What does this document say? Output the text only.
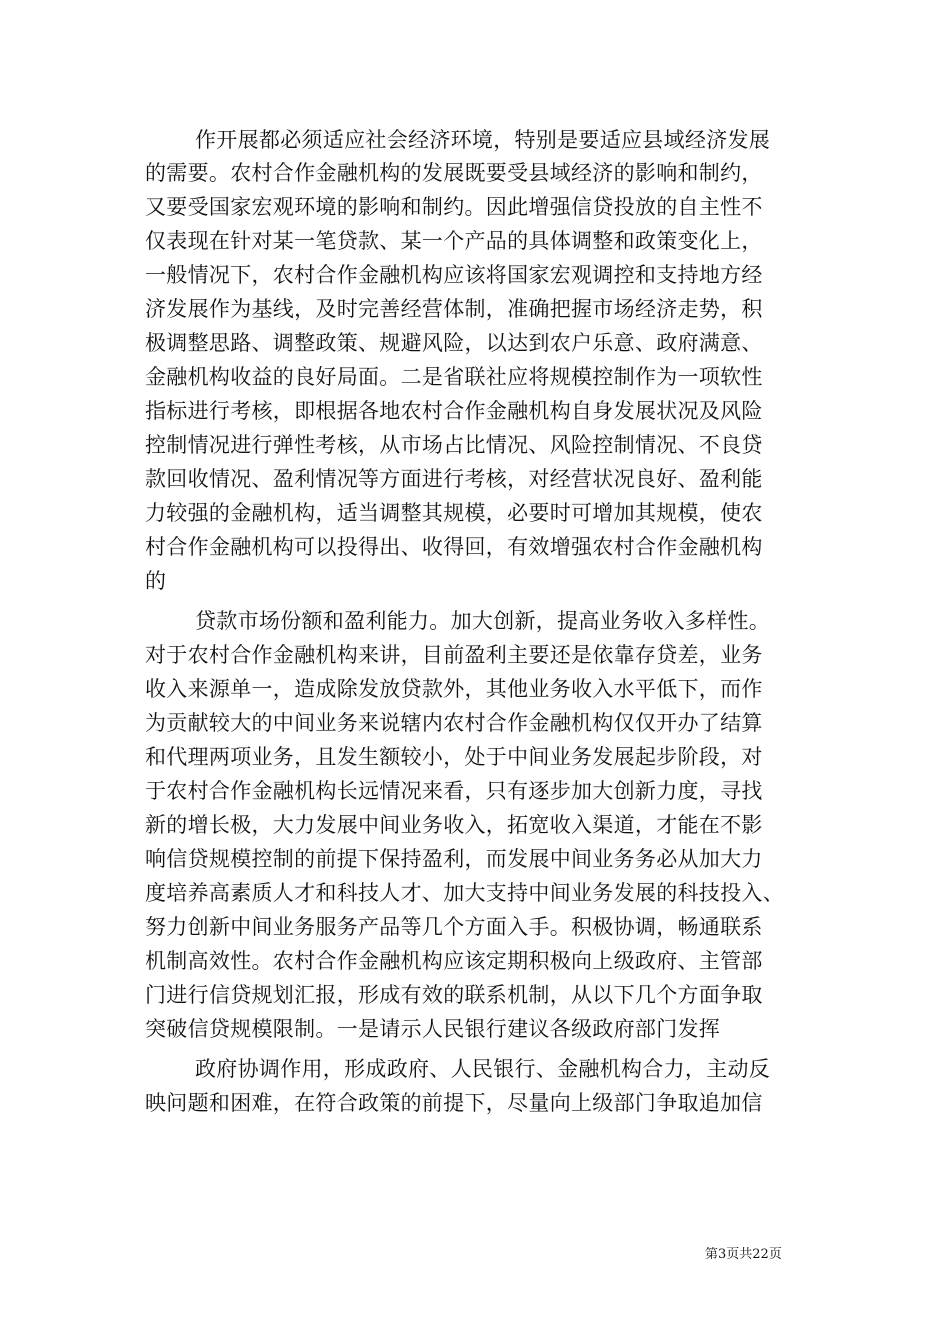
作开展都必须适应社会经济环境，特别是要适应县域经济发展
的需要。农村合作金融机构的发展既要受县域经济的影响和制约，
又要受国家宏观环境的影响和制约。因此增强信贷投放的自主性不
仅表现在针对某一笔贷款、某一个产品的具体调整和政策变化上，
一般情况下，农村合作金融机构应该将国家宏观调控和支持地方经
济发展作为基线，及时完善经营体制，准确把握市场经济走势，积
极调整思路、调整政策、规避风险，以达到农户乐意、政府满意、
金融机构收益的良好局面。二是省联社应将规模控制作为一项软性
指标进行考核，即根据各地农村合作金融机构自身发展状况及风险
控制情况进行弹性考核，从市场占比情况、风险控制情况、不良贷
款回收情况、盈利情况等方面进行考核，对经营状况良好、盈利能
力较强的金融机构，适当调整其规模，必要时可增加其规模，使农
村合作金融机构可以投得出、收得回，有效增强农村合作金融机构
的
贷款市场份额和盈利能力。加大创新，提高业务收入多样性。
对于农村合作金融机构来讲，目前盈利主要还是依靠存贷差，业务
收入来源单一，造成除发放贷款外，其他业务收入水平低下，而作
为贡献较大的中间业务来说辖内农村合作金融机构仅仅开办了结算
和代理两项业务，且发生额较小，处于中间业务发展起步阶段，对
于农村合作金融机构长远情况来看，只有逐步加大创新力度，寻找
新的增长极，大力发展中间业务收入，拓宽收入渠道，才能在不影
响信贷规模控制的前提下保持盈利，而发展中间业务务必从加大力
度培养高素质人才和科技人才、加大支持中间业务发展的科技投入、
努力创新中间业务服务产品等几个方面入手。积极协调，畅通联系
机制高效性。农村合作金融机构应该定期积极向上级政府、主管部
门进行信贷规划汇报，形成有效的联系机制，从以下几个方面争取
突破信贷规模限制。一是请示人民银行建议各级政府部门发挥
政府协调作用，形成政府、人民银行、金融机构合力，主动反
映问题和困难，在符合政策的前提下，尽量向上级部门争取追加信
第3页共22页
